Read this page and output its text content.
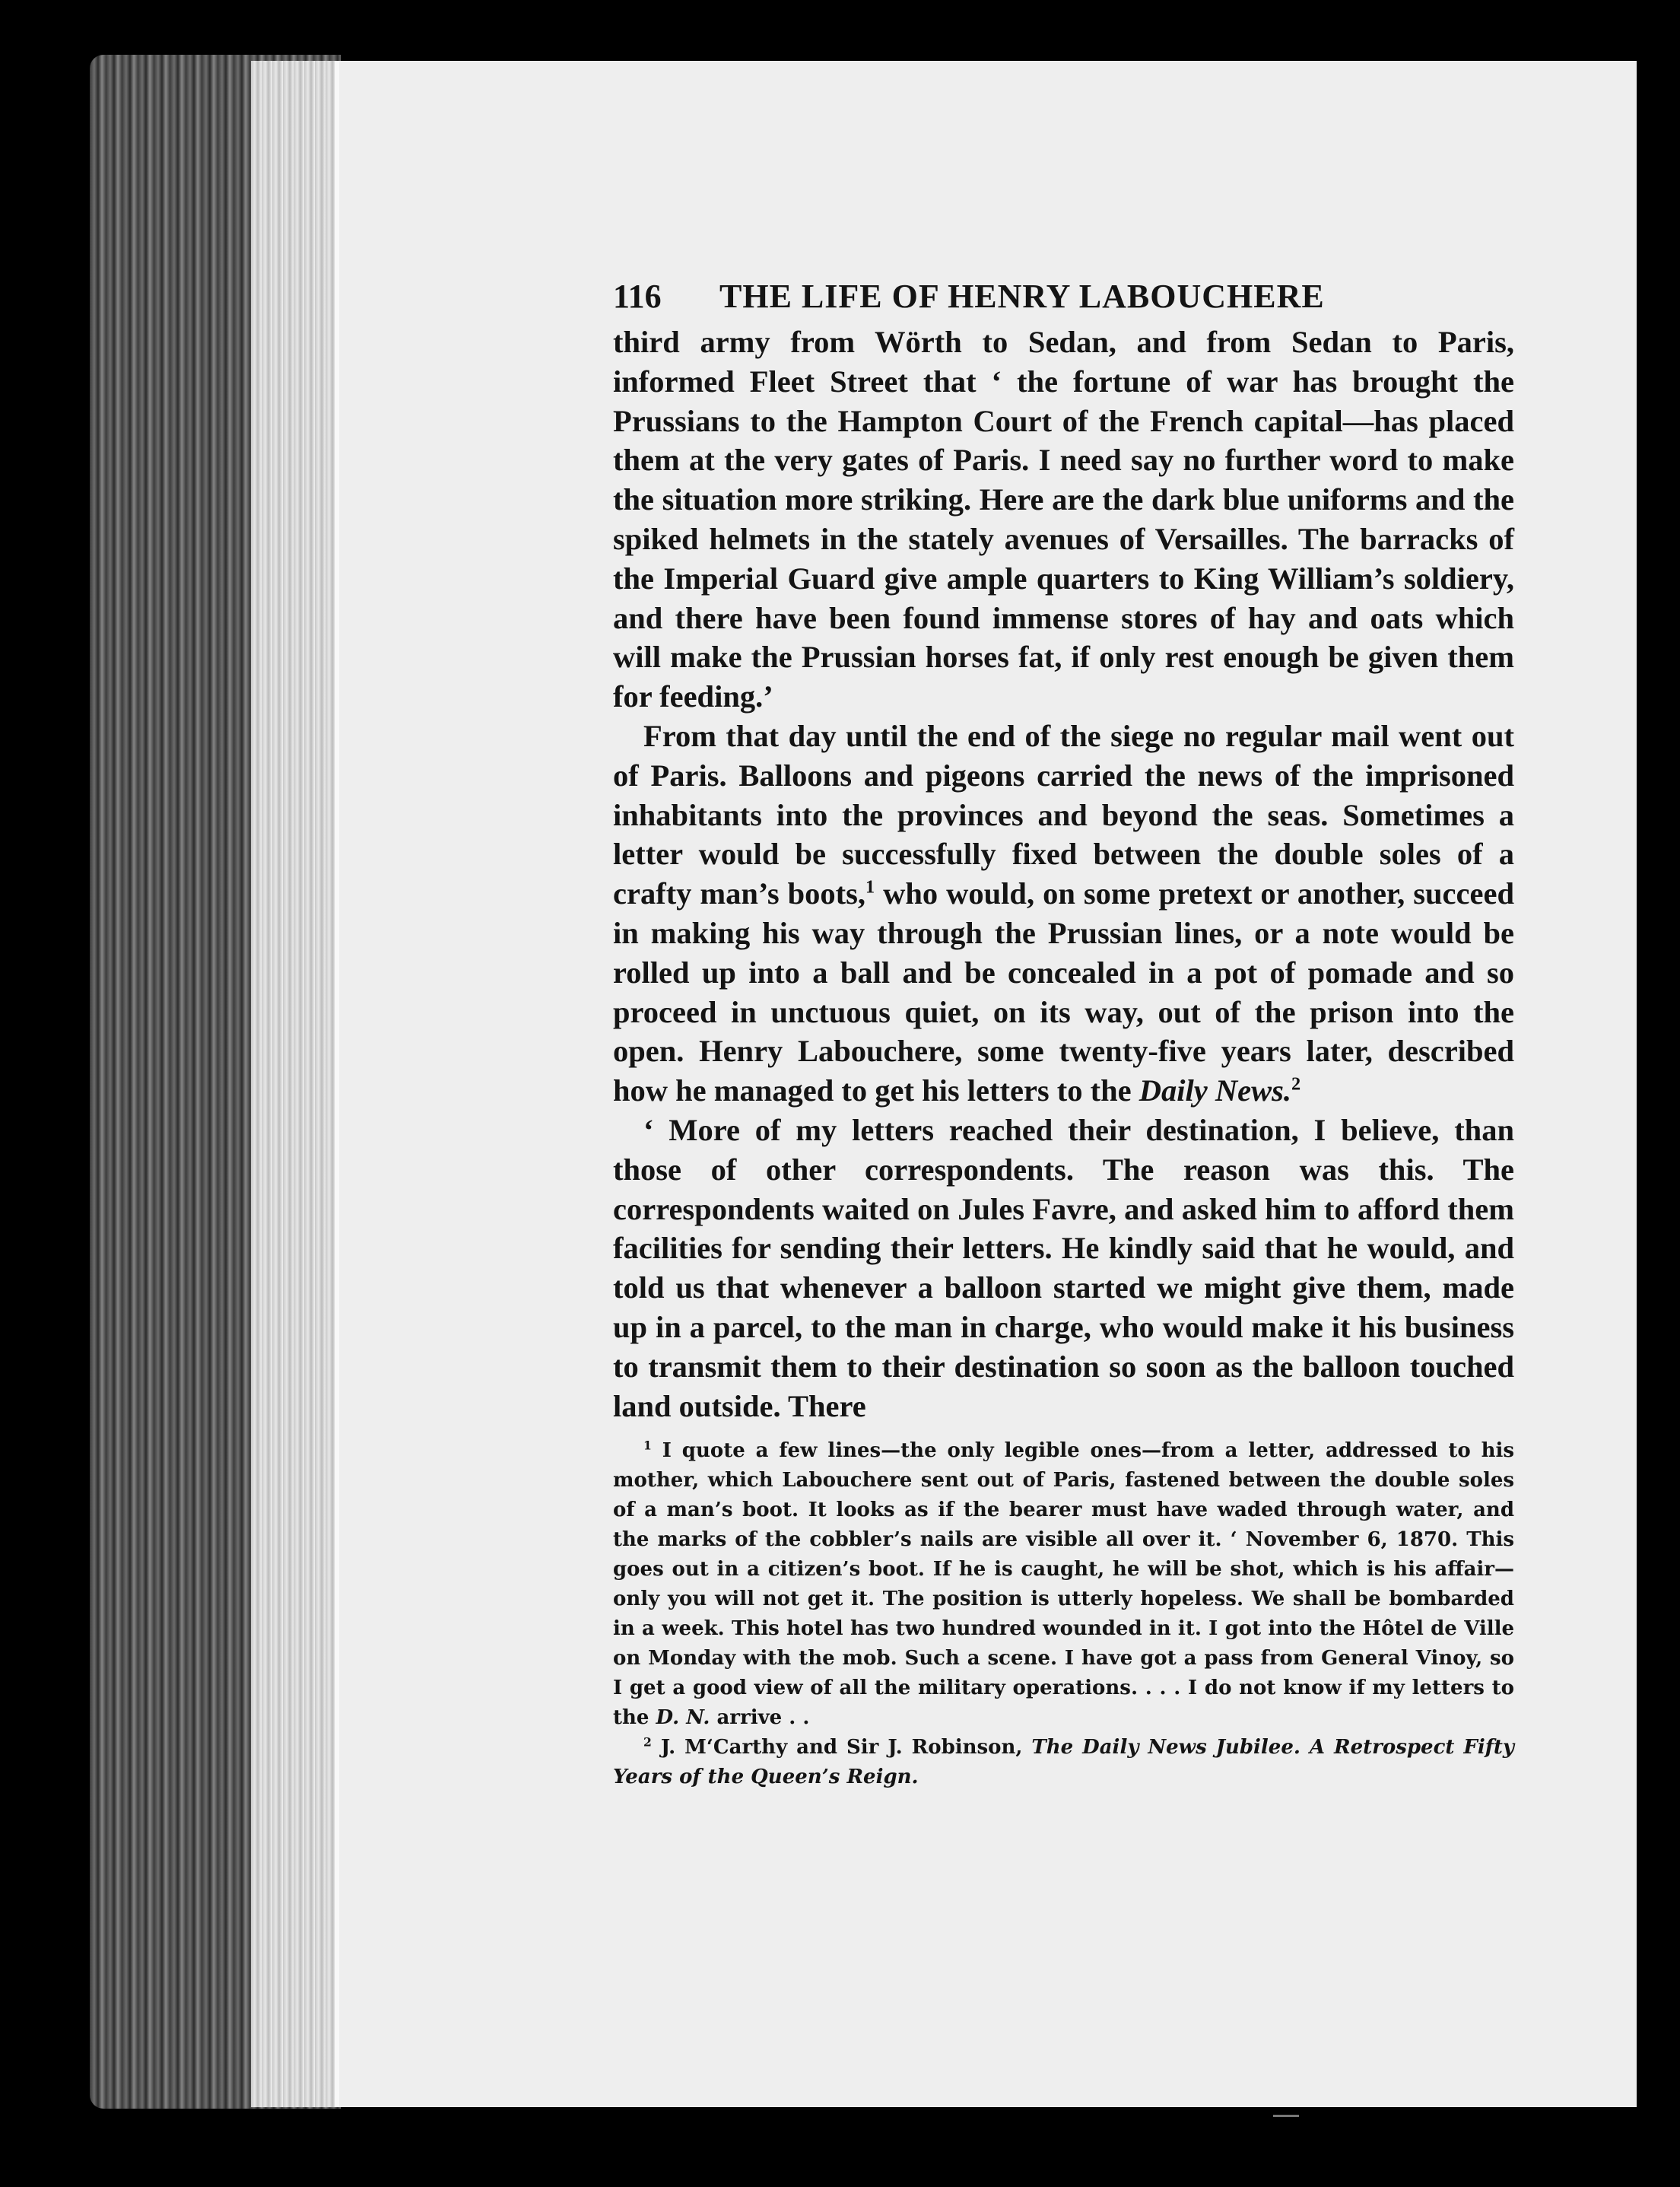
116	THE LIFE OF HENRY LABOUCHERE

third army from Wörth to Sedan, and from Sedan to Paris, informed Fleet Street that ‘ the fortune of war has brought the Prussians to the Hampton Court of the French capital—has placed them at the very gates of Paris. I need say no further word to make the situation more striking. Here are the dark blue uniforms and the spiked helmets in the stately avenues of Versailles. The barracks of the Imperial Guard give ample quarters to King William’s soldiery, and there have been found immense stores of hay and oats which will make the Prussian horses fat, if only rest enough be given them for feeding.’

From that day until the end of the siege no regular mail went out of Paris. Balloons and pigeons carried the news of the imprisoned inhabitants into the provinces and beyond the seas. Sometimes a letter would be successfully fixed between the double soles of a crafty man’s boots,$^1$ who would, on some pretext or another, succeed in making his way through the Prussian lines, or a note would be rolled up into a ball and be concealed in a pot of pomade and so proceed in unctuous quiet, on its way, out of the prison into the open. Henry Labouchere, some twenty-five years later, described how he managed to get his letters to the Daily News.$^2$

‘ More of my letters reached their destination, I believe, than those of other correspondents. The reason was this. The correspondents waited on Jules Favre, and asked him to afford them facilities for sending their letters. He kindly said that he would, and told us that whenever a balloon started we might give them, made up in a parcel, to the man in charge, who would make it his business to transmit them to their destination so soon as the balloon touched land outside. There

$^1$ I quote a few lines—the only legible ones—from a letter, addressed to his mother, which Labouchere sent out of Paris, fastened between the double soles of a man’s boot. It looks as if the bearer must have waded through water, and the marks of the cobbler’s nails are visible all over it. ‘ November 6, 1870. This goes out in a citizen’s boot. If he is caught, he will be shot, which is his affair—only you will not get it. The position is utterly hopeless. We shall be bombarded in a week. This hotel has two hundred wounded in it. I got into the Hôtel de Ville on Monday with the mob. Such a scene. I have got a pass from General Vinoy, so I get a good view of all the military operations. . . . I do not know if my letters to the D. N. arrive . .

$^2$ J. M‘Carthy and Sir J. Robinson, The Daily News Jubilee. A Retrospect Fifty Years of the Queen’s Reign.
